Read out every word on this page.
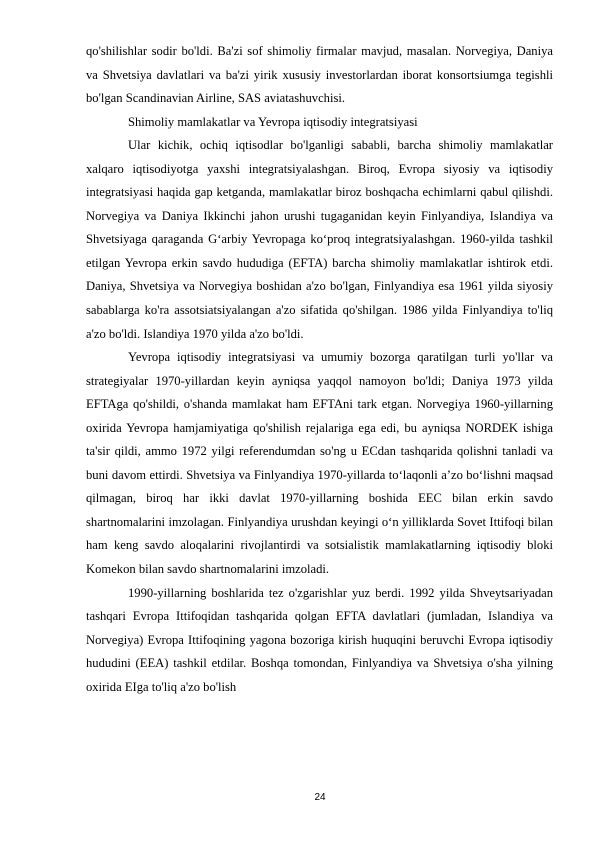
qo'shilishlar sodir bo'ldi. Ba'zi sof shimoliy firmalar mavjud, masalan. Norvegiya, Daniya va Shvetsiya davlatlari va ba'zi yirik xususiy investorlardan iborat konsortsiumga tegishli bo'lgan Scandinavian Airline, SAS aviatashuvchisi.

Shimoliy mamlakatlar va Yevropa iqtisodiy integratsiyasi

Ular kichik, ochiq iqtisodlar bo'lganligi sababli, barcha shimoliy mamlakatlar xalqaro iqtisodiyotga yaxshi integratsiyalashgan. Biroq, Evropa siyosiy va iqtisodiy integratsiyasi haqida gap ketganda, mamlakatlar biroz boshqacha echimlarni qabul qilishdi. Norvegiya va Daniya Ikkinchi jahon urushi tugaganidan keyin Finlyandiya, Islandiya va Shvetsiyaga qaraganda Gʻarbiy Yevropaga koʻproq integratsiyalashgan. 1960-yilda tashkil etilgan Yevropa erkin savdo hududiga (EFTA) barcha shimoliy mamlakatlar ishtirok etdi. Daniya, Shvetsiya va Norvegiya boshidan a'zo bo'lgan, Finlyandiya esa 1961 yilda siyosiy sabablarga ko'ra assotsiatsiyalangan a'zo sifatida qo'shilgan. 1986 yilda Finlyandiya to'liq a'zo bo'ldi. Islandiya 1970 yilda a'zo bo'ldi.

Yevropa iqtisodiy integratsiyasi va umumiy bozorga qaratilgan turli yo'llar va strategiyalar 1970-yillardan keyin ayniqsa yaqqol namoyon bo'ldi; Daniya 1973 yilda EFTAga qo'shildi, o'shanda mamlakat ham EFTAni tark etgan. Norvegiya 1960-yillarning oxirida Yevropa hamjamiyatiga qo'shilish rejalariga ega edi, bu ayniqsa NORDEK ishiga ta'sir qildi, ammo 1972 yilgi referendumdan so'ng u ECdan tashqarida qolishni tanladi va buni davom ettirdi. Shvetsiya va Finlyandiya 1970-yillarda toʻlaqonli aʼzo boʻlishni maqsad qilmagan, biroq har ikki davlat 1970-yillarning boshida EEC bilan erkin savdo shartnomalarini imzolagan. Finlyandiya urushdan keyingi oʻn yilliklarda Sovet Ittifoqi bilan ham keng savdo aloqalarini rivojlantirdi va sotsialistik mamlakatlarning iqtisodiy bloki Komekon bilan savdo shartnomalarini imzoladi.

1990-yillarning boshlarida tez o'zgarishlar yuz berdi. 1992 yilda Shveytsariyadan tashqari Evropa Ittifoqidan tashqarida qolgan EFTA davlatlari (jumladan, Islandiya va Norvegiya) Evropa Ittifoqining yagona bozoriga kirish huquqini beruvchi Evropa iqtisodiy hududini (EEA) tashkil etdilar. Boshqa tomondan, Finlyandiya va Shvetsiya o'sha yilning oxirida EIga to'liq a'zo bo'lish

24
